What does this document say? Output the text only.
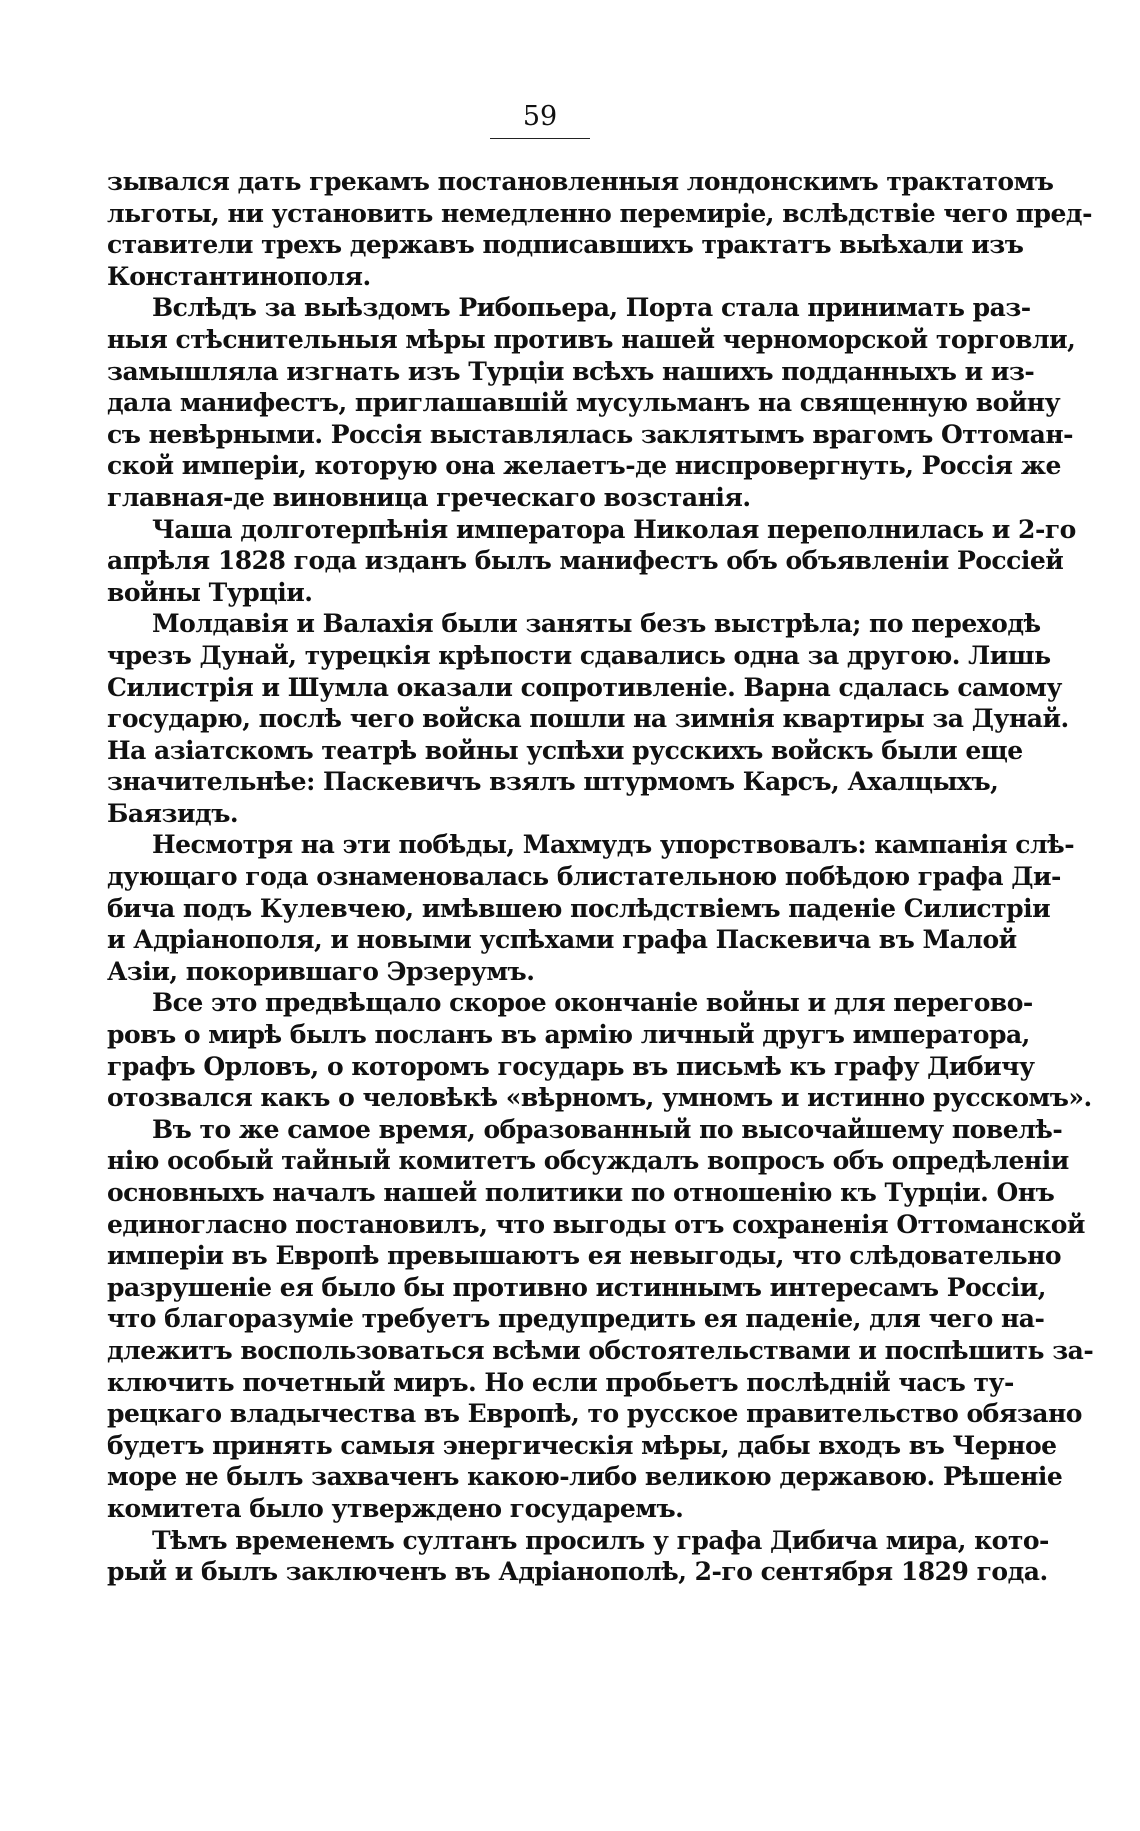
59
зывался дать грекамъ постановленныя лондонскимъ трактатомъ
льготы, ни установить немедленно перемиріе, вслѣдствіе чего пред-
ставители трехъ державъ подписавшихъ трактатъ выѣхали изъ
Константинополя.
Вслѣдъ за выѣздомъ Рибопьера, Порта стала принимать раз-
ныя стѣснительныя мѣры противъ нашей черноморской торговли,
замышляла изгнать изъ Турціи всѣхъ нашихъ подданныхъ и из-
дала манифестъ, приглашавшій мусульманъ на священную войну
съ невѣрными. Россія выставлялась заклятымъ врагомъ Оттоман-
ской имперіи, которую она желаетъ-де ниспровергнуть, Россія же
главная-де виновница греческаго возстанія.
Чаша долготерпѣнія императора Николая переполнилась и 2-го
апрѣля 1828 года изданъ былъ манифестъ объ объявленіи Россіей
войны Турціи.
Молдавія и Валахія были заняты безъ выстрѣла; по переходѣ
чрезъ Дунай, турецкія крѣпости сдавались одна за другою. Лишь
Силистрія и Шумла оказали сопротивленіе. Варна сдалась самому
государю, послѣ чего войска пошли на зимнія квартиры за Дунай.
На азіатскомъ театрѣ войны успѣхи русскихъ войскъ были еще
значительнѣе: Паскевичъ взялъ штурмомъ Карсъ, Ахалцыхъ,
Баязидъ.
Несмотря на эти побѣды, Махмудъ упорствовалъ: кампанія слѣ-
дующаго года ознаменовалась блистательною побѣдою графа Ди-
бича подъ Кулевчею, имѣвшею послѣдствіемъ паденіе Силистріи
и Адріанополя, и новыми успѣхами графа Паскевича въ Малой
Азіи, покорившаго Эрзерумъ.
Все это предвѣщало скорое окончаніе войны и для перегово-
ровъ о мирѣ былъ посланъ въ армію личный другъ императора,
графъ Орловъ, о которомъ государь въ письмѣ къ графу Дибичу
отозвался какъ о человѣкѣ «вѣрномъ, умномъ и истинно русскомъ».
Въ то же самое время, образованный по высочайшему повелѣ-
нію особый тайный комитетъ обсуждалъ вопросъ объ опредѣленіи
основныхъ началъ нашей политики по отношенію къ Турціи. Онъ
единогласно постановилъ, что выгоды отъ сохраненія Оттоманской
имперіи въ Европѣ превышаютъ ея невыгоды, что слѣдовательно
разрушеніе ея было бы противно истиннымъ интересамъ Россіи,
что благоразуміе требуетъ предупредить ея паденіе, для чего на-
длежитъ воспользоваться всѣми обстоятельствами и поспѣшить за-
ключить почетный миръ. Но если пробьетъ послѣдній часъ ту-
рецкаго владычества въ Европѣ, то русское правительство обязано
будетъ принять самыя энергическія мѣры, дабы входъ въ Черное
море не былъ захваченъ какою-либо великою державою. Рѣшеніе
комитета было утверждено государемъ.
Тѣмъ временемъ султанъ просилъ у графа Дибича мира, кото-
рый и былъ заключенъ въ Адріанополѣ, 2-го сентября 1829 года.
